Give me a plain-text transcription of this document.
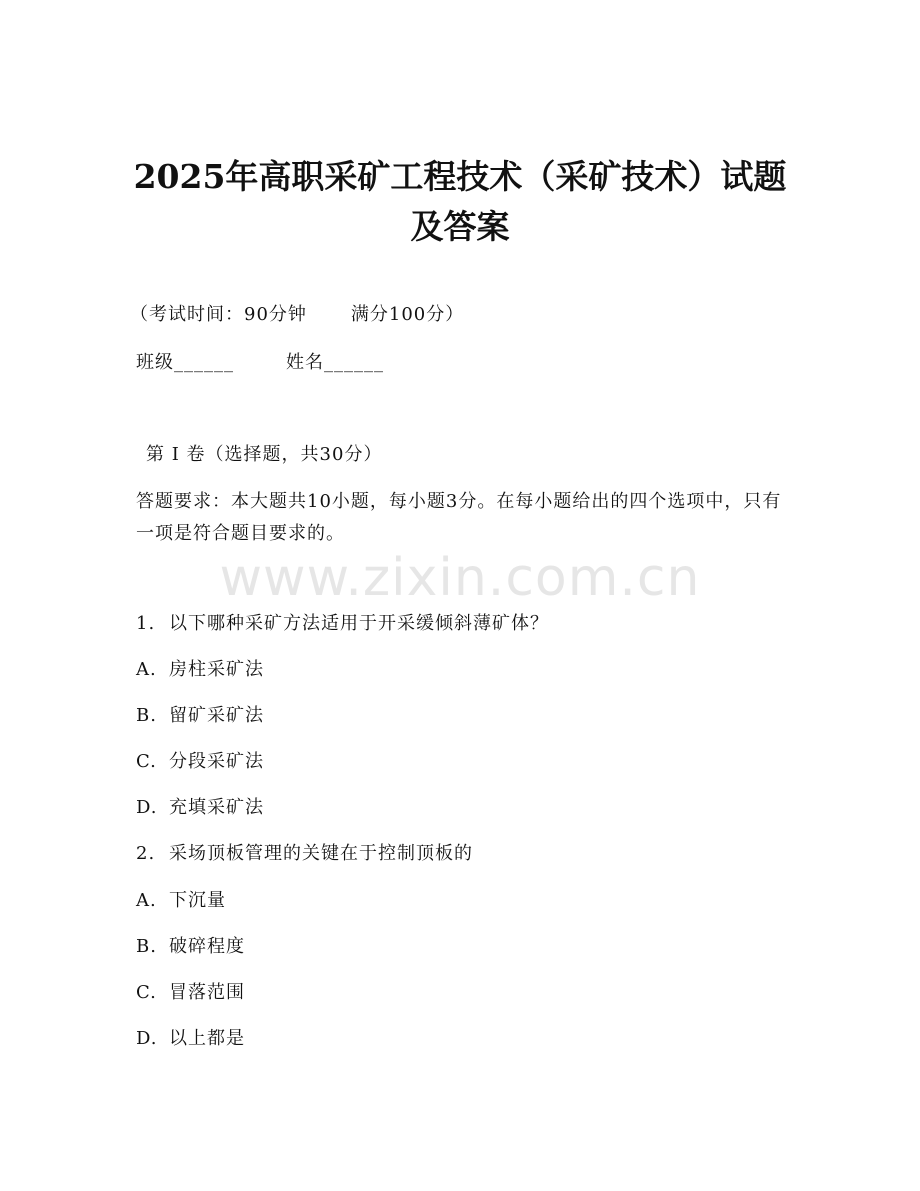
2025年高职采矿工程技术（采矿技术）试题
及答案
（考试时间：90分钟 满分100分）
班级______	姓名______
第 I 卷（选择题，共30分）

答题要求：本大题共10小题，每小题3分。在每小题给出的四个选项中，只有一项是符合题目要求的。

www.zixin.com.cn
1. 以下哪种采矿方法适用于开采缓倾斜薄矿体？
A. 房柱采矿法
B. 留矿采矿法
C. 分段采矿法
D. 充填采矿法
2. 采场顶板管理的关键在于控制顶板的
A. 下沉量
B. 破碎程度
C. 冒落范围
D. 以上都是
